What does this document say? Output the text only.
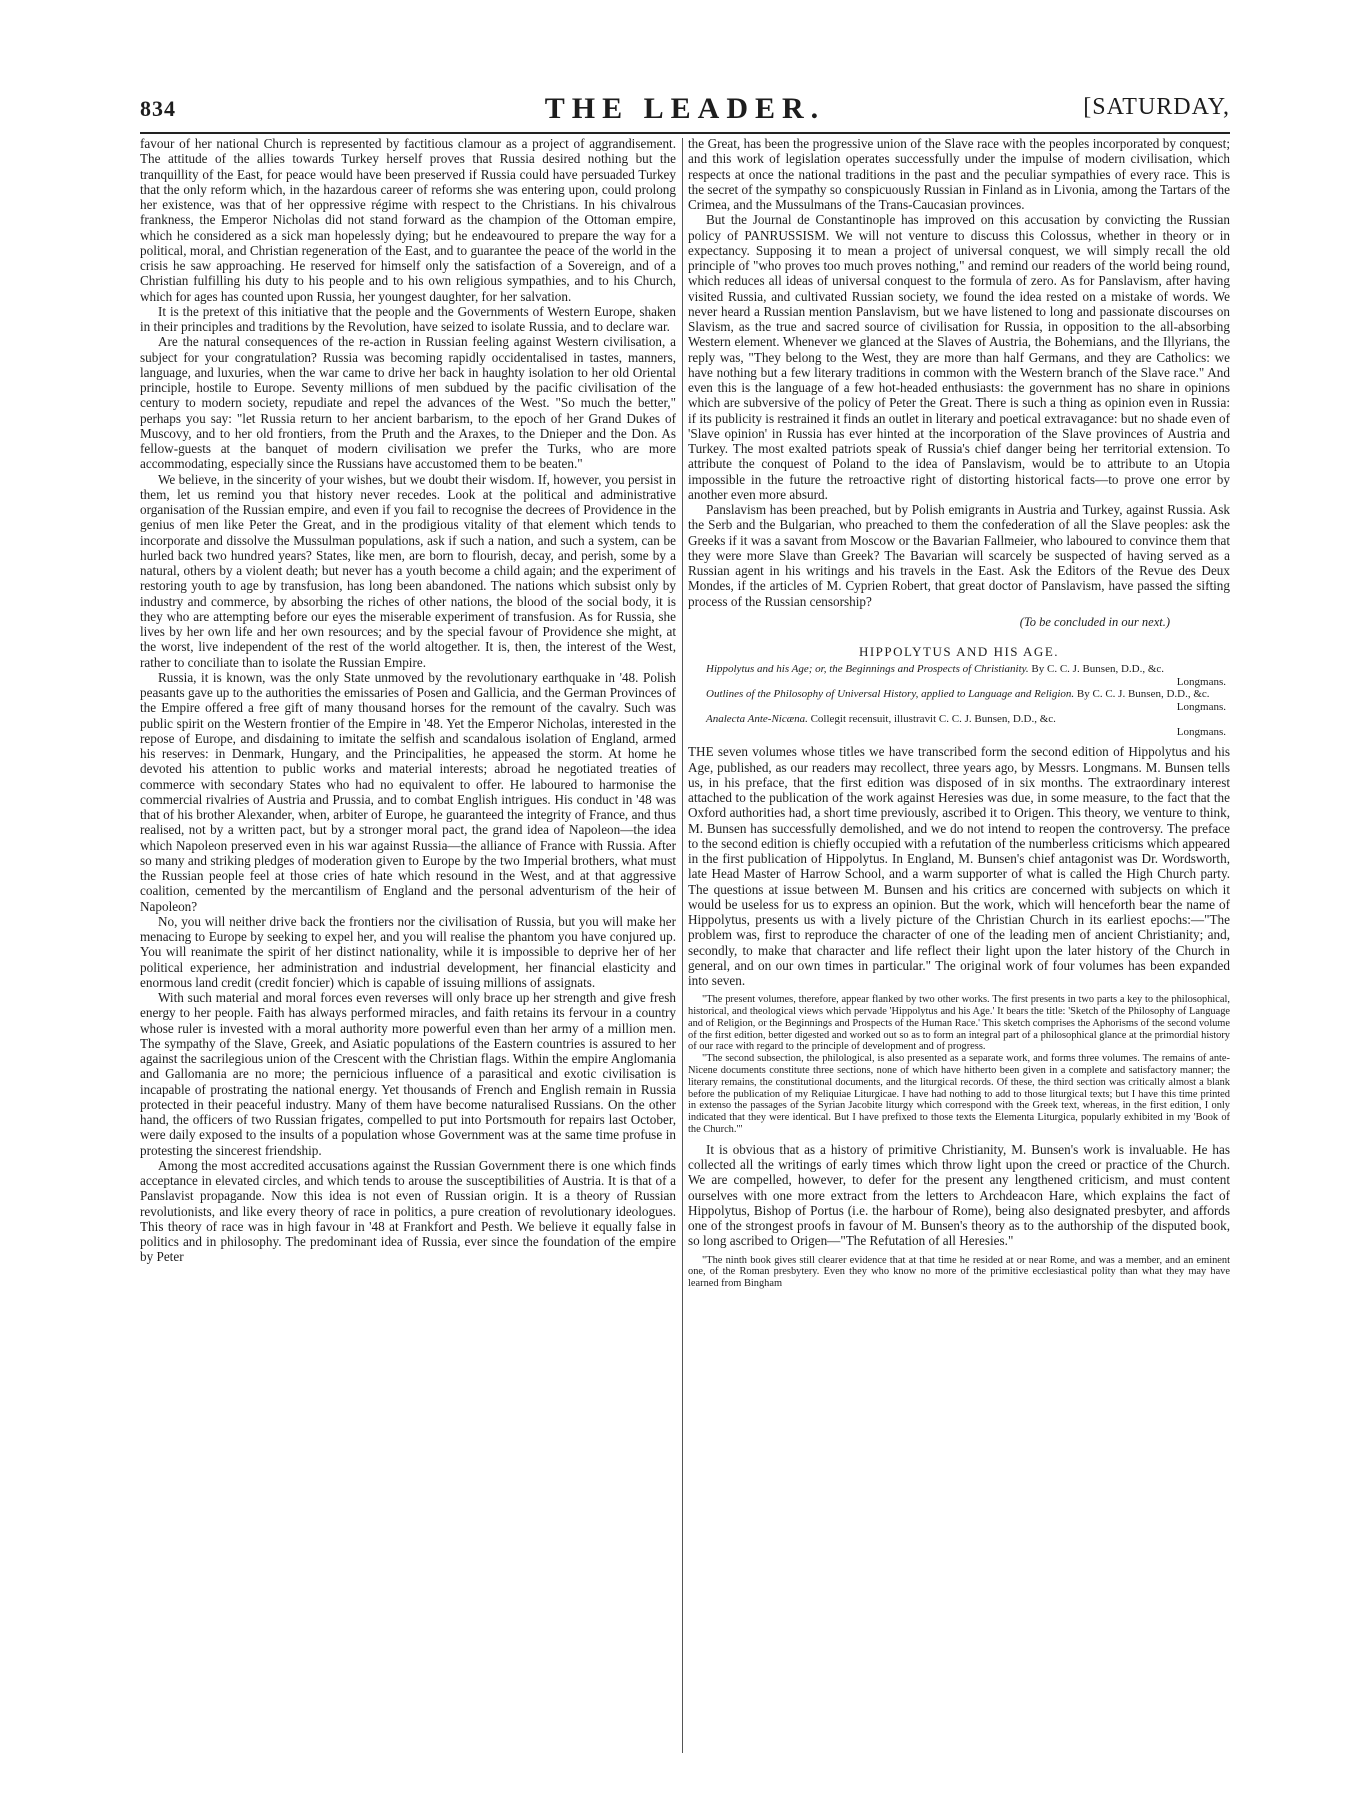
834	THE LEADER.	[SATURDAY,

favour of her national Church is represented by factitious clamour as a project of aggrandisement. The attitude of the allies towards Turkey herself proves that Russia desired nothing but the tranquillity of the East, for peace would have been preserved if Russia could have persuaded Turkey that the only reform which, in the hazardous career of reforms she was entering upon, could prolong her existence, was that of her oppressive régime with respect to the Christians. In his chivalrous frankness, the Emperor Nicholas did not stand forward as the champion of the Ottoman empire, which he considered as a sick man hopelessly dying; but he endeavoured to prepare the way for a political, moral, and Christian regeneration of the East, and to guarantee the peace of the world in the crisis he saw approaching. He reserved for himself only the satisfaction of a Sovereign, and of a Christian fulfilling his duty to his people and to his own religious sympathies, and to his Church, which for ages has counted upon Russia, her youngest daughter, for her salvation.

It is the pretext of this initiative that the people and the Governments of Western Europe, shaken in their principles and traditions by the Revolution, have seized to isolate Russia, and to declare war.

Are the natural consequences of the re-action in Russian feeling against Western civilisation, a subject for your congratulation? Russia was becoming rapidly occidentalised in tastes, manners, language, and luxuries, when the war came to drive her back in haughty isolation to her old Oriental principle, hostile to Europe. Seventy millions of men subdued by the pacific civilisation of the century to modern society, repudiate and repel the advances of the West. "So much the better," perhaps you say: "let Russia return to her ancient barbarism, to the epoch of her Grand Dukes of Muscovy, and to her old frontiers, from the Pruth and the Araxes, to the Dnieper and the Don. As fellow-guests at the banquet of modern civilisation we prefer the Turks, who are more accommodating, especially since the Russians have accustomed them to be beaten."

We believe, in the sincerity of your wishes, but we doubt their wisdom. If, however, you persist in them, let us remind you that history never recedes. Look at the political and administrative organisation of the Russian empire, and even if you fail to recognise the decrees of Providence in the genius of men like Peter the Great, and in the prodigious vitality of that element which tends to incorporate and dissolve the Mussulman populations, ask if such a nation, and such a system, can be hurled back two hundred years? States, like men, are born to flourish, decay, and perish, some by a natural, others by a violent death; but never has a youth become a child again; and the experiment of restoring youth to age by transfusion, has long been abandoned. The nations which subsist only by industry and commerce, by absorbing the riches of other nations, the blood of the social body, it is they who are attempting before our eyes the miserable experiment of transfusion. As for Russia, she lives by her own life and her own resources; and by the special favour of Providence she might, at the worst, live independent of the rest of the world altogether. It is, then, the interest of the West, rather to conciliate than to isolate the Russian Empire.

Russia, it is known, was the only State unmoved by the revolutionary earthquake in '48. Polish peasants gave up to the authorities the emissaries of Posen and Gallicia, and the German Provinces of the Empire offered a free gift of many thousand horses for the remount of the cavalry. Such was public spirit on the Western frontier of the Empire in '48. Yet the Emperor Nicholas, interested in the repose of Europe, and disdaining to imitate the selfish and scandalous isolation of England, armed his reserves: in Denmark, Hungary, and the Principalities, he appeased the storm. At home he devoted his attention to public works and material interests; abroad he negotiated treaties of commerce with secondary States who had no equivalent to offer. He laboured to harmonise the commercial rivalries of Austria and Prussia, and to combat English intrigues. His conduct in '48 was that of his brother Alexander, when, arbiter of Europe, he guaranteed the integrity of France, and thus realised, not by a written pact, but by a stronger moral pact, the grand idea of Napoleon—the idea which Napoleon preserved even in his war against Russia—the alliance of France with Russia. After so many and striking pledges of moderation given to Europe by the two Imperial brothers, what must the Russian people feel at those cries of hate which resound in the West, and at that aggressive coalition, cemented by the mercantilism of England and the personal adventurism of the heir of Napoleon?

No, you will neither drive back the frontiers nor the civilisation of Russia, but you will make her menacing to Europe by seeking to expel her, and you will realise the phantom you have conjured up. You will reanimate the spirit of her distinct nationality, while it is impossible to deprive her of her political experience, her administration and industrial development, her financial elasticity and enormous land credit (credit foncier) which is capable of issuing millions of assignats.

With such material and moral forces even reverses will only brace up her strength and give fresh energy to her people. Faith has always performed miracles, and faith retains its fervour in a country whose ruler is invested with a moral authority more powerful even than her army of a million men. The sympathy of the Slave, Greek, and Asiatic populations of the Eastern countries is assured to her against the sacrilegious union of the Crescent with the Christian flags. Within the empire Anglomania and Gallomania are no more; the pernicious influence of a parasitical and exotic civilisation is incapable of prostrating the national energy. Yet thousands of French and English remain in Russia protected in their peaceful industry. Many of them have become naturalised Russians. On the other hand, the officers of two Russian frigates, compelled to put into Portsmouth for repairs last October, were daily exposed to the insults of a population whose Government was at the same time profuse in protesting the sincerest friendship.

Among the most accredited accusations against the Russian Government there is one which finds acceptance in elevated circles, and which tends to arouse the susceptibilities of Austria. It is that of a Panslavist propagande. Now this idea is not even of Russian origin. It is a theory of Russian revolutionists, and like every theory of race in politics, a pure creation of revolutionary ideologues. This theory of race was in high favour in '48 at Frankfort and Pesth. We believe it equally false in politics and in philosophy. The predominant idea of Russia, ever since the foundation of the empire by Peter

the Great, has been the progressive union of the Slave race with the peoples incorporated by conquest; and this work of legislation operates successfully under the impulse of modern civilisation, which respects at once the national traditions in the past and the peculiar sympathies of every race. This is the secret of the sympathy so conspicuously Russian in Finland as in Livonia, among the Tartars of the Crimea, and the Mussulmans of the Trans-Caucasian provinces.

But the Journal de Constantinople has improved on this accusation by convicting the Russian policy of PANRUSSISM. We will not venture to discuss this Colossus, whether in theory or in expectancy. Supposing it to mean a project of universal conquest, we will simply recall the old principle of "who proves too much proves nothing," and remind our readers of the world being round, which reduces all ideas of universal conquest to the formula of zero. As for Panslavism, after having visited Russia, and cultivated Russian society, we found the idea rested on a mistake of words. We never heard a Russian mention Panslavism, but we have listened to long and passionate discourses on Slavism, as the true and sacred source of civilisation for Russia, in opposition to the all-absorbing Western element. Whenever we glanced at the Slaves of Austria, the Bohemians, and the Illyrians, the reply was, "They belong to the West, they are more than half Germans, and they are Catholics: we have nothing but a few literary traditions in common with the Western branch of the Slave race." And even this is the language of a few hot-headed enthusiasts: the government has no share in opinions which are subversive of the policy of Peter the Great. There is such a thing as opinion even in Russia: if its publicity is restrained it finds an outlet in literary and poetical extravagance: but no shade even of 'Slave opinion' in Russia has ever hinted at the incorporation of the Slave provinces of Austria and Turkey. The most exalted patriots speak of Russia's chief danger being her territorial extension. To attribute the conquest of Poland to the idea of Panslavism, would be to attribute to an Utopia impossible in the future the retroactive right of distorting historical facts—to prove one error by another even more absurd.

Panslavism has been preached, but by Polish emigrants in Austria and Turkey, against Russia. Ask the Serb and the Bulgarian, who preached to them the confederation of all the Slave peoples: ask the Greeks if it was a savant from Moscow or the Bavarian Fallmeier, who laboured to convince them that they were more Slave than Greek? The Bavarian will scarcely be suspected of having served as a Russian agent in his writings and his travels in the East. Ask the Editors of the Revue des Deux Mondes, if the articles of M. Cyprien Robert, that great doctor of Panslavism, have passed the sifting process of the Russian censorship?

(To be concluded in our next.)
HIPPOLYTUS AND HIS AGE.

Hippolytus and his Age; or, the Beginnings and Prospects of Christianity. By C. C. J. Bunsen, D.D., &c.
Longmans.

Outlines of the Philosophy of Universal History, applied to Language and Religion. By C. C. J. Bunsen, D.D., &c.
Longmans.

Analecta Ante-Nicæna. Collegit recensuit, illustravit C. C. J. Bunsen, D.D., &c.
Longmans.

THE seven volumes whose titles we have transcribed form the second edition of Hippolytus and his Age, published, as our readers may recollect, three years ago, by Messrs. Longmans. M. Bunsen tells us, in his preface, that the first edition was disposed of in six months. The extraordinary interest attached to the publication of the work against Heresies was due, in some measure, to the fact that the Oxford authorities had, a short time previously, ascribed it to Origen. This theory, we venture to think, M. Bunsen has successfully demolished, and we do not intend to reopen the controversy. The preface to the second edition is chiefly occupied with a refutation of the numberless criticisms which appeared in the first publication of Hippolytus. In England, M. Bunsen's chief antagonist was Dr. Wordsworth, late Head Master of Harrow School, and a warm supporter of what is called the High Church party. The questions at issue between M. Bunsen and his critics are concerned with subjects on which it would be useless for us to express an opinion. But the work, which will henceforth bear the name of Hippolytus, presents us with a lively picture of the Christian Church in its earliest epochs:—"The problem was, first to reproduce the character of one of the leading men of ancient Christianity; and, secondly, to make that character and life reflect their light upon the later history of the Church in general, and on our own times in particular." The original work of four volumes has been expanded into seven.

"The present volumes, therefore, appear flanked by two other works. The first presents in two parts a key to the philosophical, historical, and theological views which pervade 'Hippolytus and his Age.' It bears the title: 'Sketch of the Philosophy of Language and of Religion, or the Beginnings and Prospects of the Human Race.' This sketch comprises the Aphorisms of the second volume of the first edition, better digested and worked out so as to form an integral part of a philosophical glance at the primordial history of our race with regard to the principle of development and of progress.

"The second subsection, the philological, is also presented as a separate work, and forms three volumes. The remains of ante-Nicene documents constitute three sections, none of which have hitherto been given in a complete and satisfactory manner; the literary remains, the constitutional documents, and the liturgical records. Of these, the third section was critically almost a blank before the publication of my Reliquiae Liturgicae. I have had nothing to add to those liturgical texts; but I have this time printed in extenso the passages of the Syrian Jacobite liturgy which correspond with the Greek text, whereas, in the first edition, I only indicated that they were identical. But I have prefixed to those texts the Elementa Liturgica, popularly exhibited in my 'Book of the Church.'"

It is obvious that as a history of primitive Christianity, M. Bunsen's work is invaluable. He has collected all the writings of early times which throw light upon the creed or practice of the Church. We are compelled, however, to defer for the present any lengthened criticism, and must content ourselves with one more extract from the letters to Archdeacon Hare, which explains the fact of Hippolytus, Bishop of Portus (i.e. the harbour of Rome), being also designated presbyter, and affords one of the strongest proofs in favour of M. Bunsen's theory as to the authorship of the disputed book, so long ascribed to Origen—"The Refutation of all Heresies."

"The ninth book gives still clearer evidence that at that time he resided at or near Rome, and was a member, and an eminent one, of the Roman presbytery. Even they who know no more of the primitive ecclesiastical polity than what they may have learned from Bingham
